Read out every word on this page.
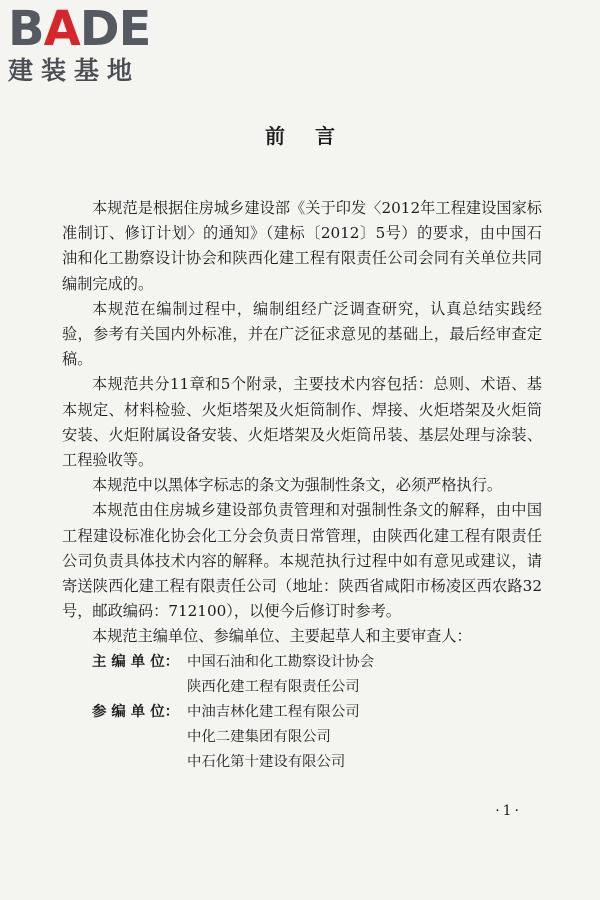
BADE
建装基地
前言

本规范是根据住房城乡建设部《关于印发〈2012年工程建设国家标准制订、修订计划〉的通知》（建标〔2012〕5号）的要求，由中国石油和化工勘察设计协会和陕西化建工程有限责任公司会同有关单位共同编制完成的。

本规范在编制过程中，编制组经广泛调查研究，认真总结实践经验，参考有关国内外标准，并在广泛征求意见的基础上，最后经审查定稿。

本规范共分11章和5个附录，主要技术内容包括：总则、术语、基本规定、材料检验、火炬塔架及火炬筒制作、焊接、火炬塔架及火炬筒安装、火炬附属设备安装、火炬塔架及火炬筒吊装、基层处理与涂装、工程验收等。

本规范中以黑体字标志的条文为强制性条文，必须严格执行。

本规范由住房城乡建设部负责管理和对强制性条文的解释，由中国工程建设标准化协会化工分会负责日常管理，由陕西化建工程有限责任公司负责具体技术内容的解释。本规范执行过程中如有意见或建议，请寄送陕西化建工程有限责任公司（地址：陕西省咸阳市杨凌区西农路32号，邮政编码：712100），以便今后修订时参考。

本规范主编单位、参编单位、主要起草人和主要审查人：

主 编 单 位： 中国石油和化工勘察设计协会
陕西化建工程有限责任公司
参 编 单 位： 中油吉林化建工程有限公司
中化二建集团有限公司
中石化第十建设有限公司
·1·
